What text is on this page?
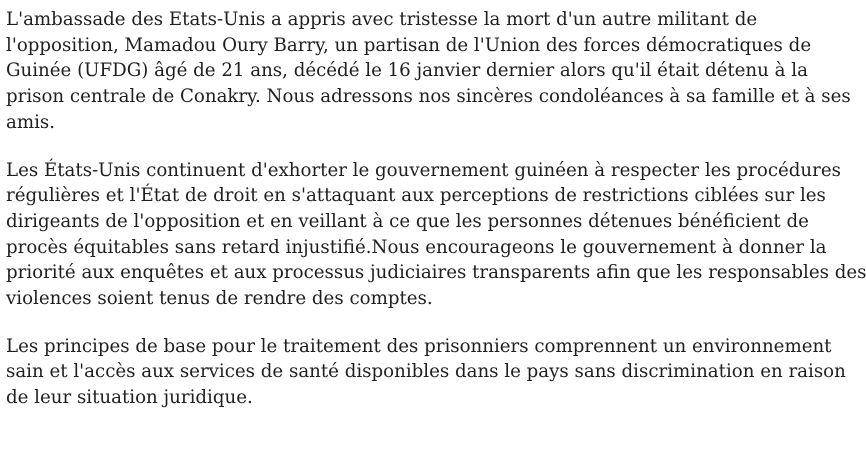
L'ambassade des Etats-Unis a appris avec tristesse la mort d'un autre militant de
l'opposition, Mamadou Oury Barry, un partisan de l'Union des forces démocratiques de
Guinée (UFDG) âgé de 21 ans, décédé le 16 janvier dernier alors qu'il était détenu à la
prison centrale de Conakry. Nous adressons nos sincères condoléances à sa famille et à ses
amis.

Les États-Unis continuent d'exhorter le gouvernement guinéen à respecter les procédures
régulières et l'État de droit en s'attaquant aux perceptions de restrictions ciblées sur les
dirigeants de l'opposition et en veillant à ce que les personnes détenues bénéficient de
procès équitables sans retard injustifié.Nous encourageons le gouvernement à donner la
priorité aux enquêtes et aux processus judiciaires transparents afin que les responsables des
violences soient tenus de rendre des comptes.

Les principes de base pour le traitement des prisonniers comprennent un environnement
sain et l'accès aux services de santé disponibles dans le pays sans discrimination en raison
de leur situation juridique.
